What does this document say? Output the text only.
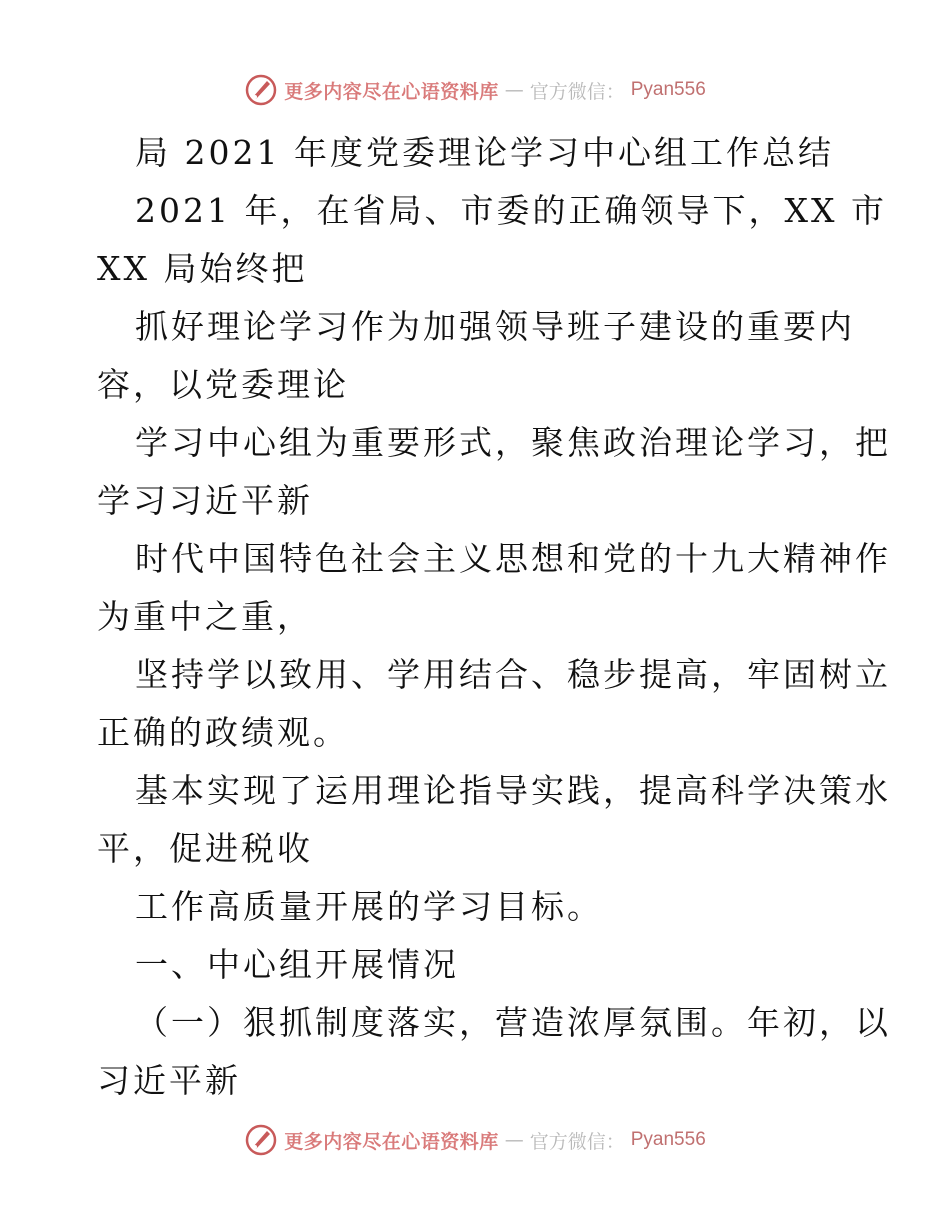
更多内容尽在心语资料库 — 官方微信： Pyan556
局 2021 年度党委理论学习中心组工作总结
2021 年，在省局、市委的正确领导下，XX 市
XX 局始终把
抓好理论学习作为加强领导班子建设的重要内
容，以党委理论
学习中心组为重要形式，聚焦政治理论学习，把
学习习近平新
时代中国特色社会主义思想和党的十九大精神作
为重中之重，
坚持学以致用、学用结合、稳步提高，牢固树立
正确的政绩观。
基本实现了运用理论指导实践，提高科学决策水
平，促进税收
工作高质量开展的学习目标。
一、中心组开展情况
（一）狠抓制度落实，营造浓厚氛围。年初，以
习近平新
更多内容尽在心语资料库 — 官方微信： Pyan556
